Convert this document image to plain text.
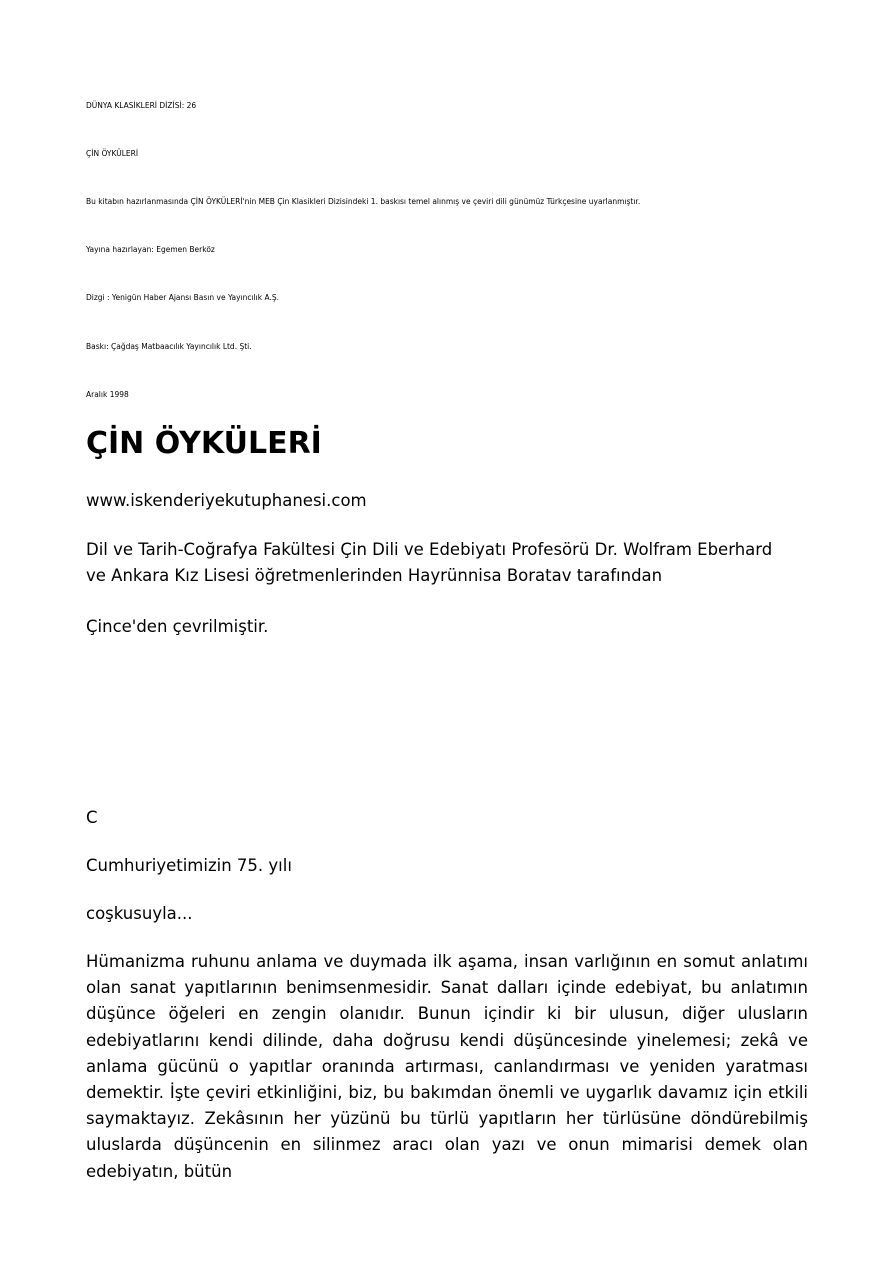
DÜNYA KLASİKLERİ DİZİSİ: 26
ÇİN ÖYKÜLERİ
Bu kitabın hazırlanmasında ÇİN ÖYKÜLERİ'nin MEB Çin Klasikleri Dizisindeki 1. baskısı temel alınmış ve çeviri dili günümüz Türkçesine uyarlanmıştır.
Yayına hazırlayan: Egemen Berköz
Dizgi : Yenigün Haber Ajansı Basın ve Yayıncılık A.Ş.
Baskı: Çağdaş Matbaacılık Yayıncılık Ltd. Şti.
Aralık 1998
ÇİN ÖYKÜLERİ
www.iskenderiyekutuphanesi.com
Dil ve Tarih-Coğrafya Fakültesi Çin Dili ve Edebiyatı Profesörü Dr. Wolfram Eberhard
ve Ankara Kız Lisesi öğretmenlerinden Hayrünnisa Boratav tarafından
Çince'den çevrilmiştir.
C
Cumhuriyetimizin 75. yılı
coşkusuyla...
Hümanizma ruhunu anlama ve duymada ilk aşama, insan varlığının en somut anlatımı olan sanat yapıtlarının benimsenmesidir. Sanat dalları içinde edebiyat, bu anlatımın düşünce öğeleri en zengin olanıdır. Bunun içindir ki bir ulusun, diğer ulusların edebiyatlarını kendi dilinde, daha doğrusu kendi düşüncesinde yinelemesi; zekâ ve anlama gücünü o yapıtlar oranında artırması, canlandırması ve yeniden yaratması demektir. İşte çeviri etkinliğini, biz, bu bakımdan önemli ve uygarlık davamız için etkili saymaktayız. Zekâsının her yüzünü bu türlü yapıtların her türlüsüne döndürebilmiş uluslarda düşüncenin en silinmez aracı olan yazı ve onun mimarisi demek olan edebiyatın, bütün
